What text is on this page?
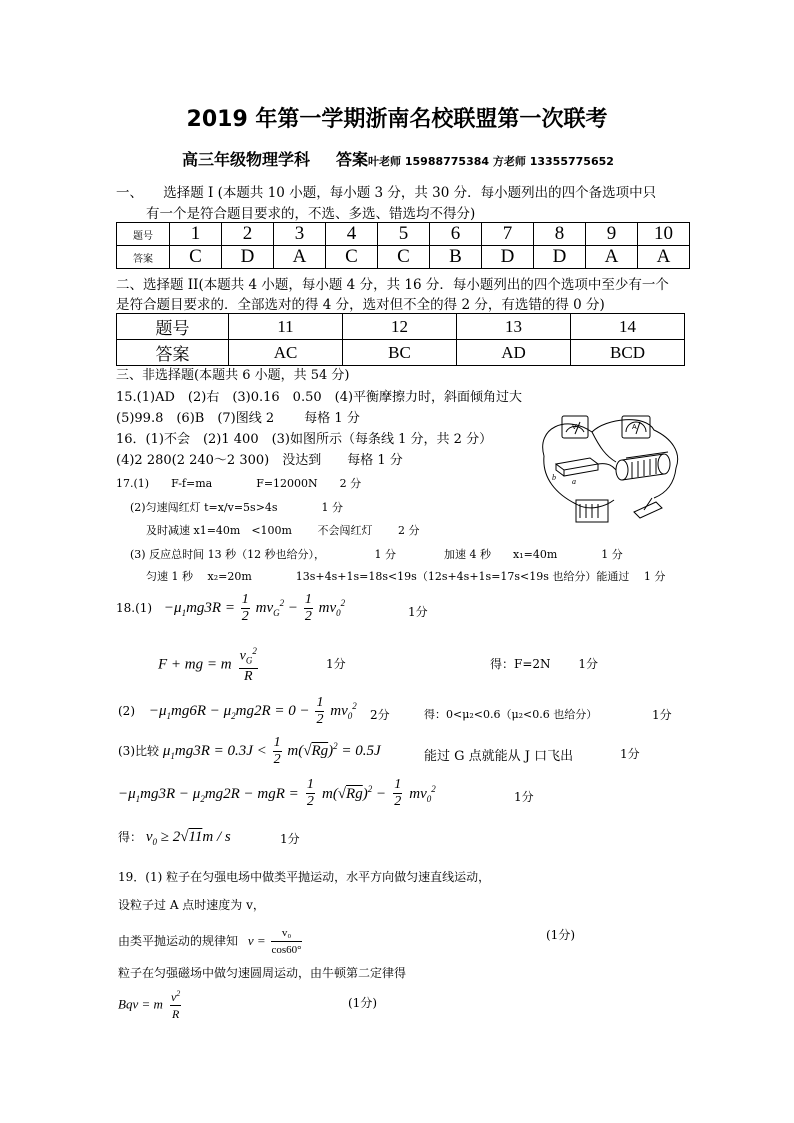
2019 年第一学期浙南名校联盟第一次联考
高三年级物理学科 答案叶老师 15988775384 方老师 13355775652
一、　　选择题 I (本题共 10 小题，每小题 3 分，共 30 分．每小题列出的四个备选项中只
有一个是符合题目要求的，不选、多选、错选均不得分)
题号	1	2	3	4	5	6	7	8	9	10
答案	C	D	A	C	C	B	D	D	A	A
二、选择题 II(本题共 4 小题，每小题 4 分，共 16 分．每小题列出的四个选项中至少有一个
是符合题目要求的．全部选对的得 4 分，选对但不全的得 2 分，有选错的得 0 分)
题号	11	12	13	14
答案	AC	BC	AD	BCD
三、非选择题(本题共 6 小题，共 54 分)
15.(1)AD　(2)右　(3)0.16　0.50　(4)平衡摩擦力时，斜面倾角过大
(5)99.8　(6)B　(7)图线 2　　 每格 1 分
16．(1)不会　(2)1 400　(3)如图所示（每条线 1 分，共 2 分）
(4)2 280(2 240～2 300)　没达到　　每格 1 分
V	A
b a
17.(1)　　F-f=ma　　　　F=12000N　　2 分
(2)匀速闯红灯 t=x/v=5s>4s　　　　1 分
及时减速 x1=40m　<100m　　 不会闯红灯　　 2 分
(3) 反应总时间 13 秒（12 秒也给分），　　　　　1 分	加速 4 秒　　x₁=40m　　　　1 分
匀速 1 秒　 x₂=20m　　　　13s+4s+1s=18s<19s（12s+4s+1s=17s<19s 也给分）能通过　 1 分
$18.(1) -\mu_1mg3R = \frac{1}{2} mv_G^2 - \frac{1}{2} mv_0^2$
1分
F + mg = m $\frac{v_G^2}{R}$	1分	得：F=2N　　 1分
$(2) -\mu_1mg6R - \mu_2mg2R = 0 - \frac{1}{2} mv_0^2$
2分	得：0<μ₂<0.6（μ₂<0.6 也给分）	1分
(3)比较 $\mu_1mg3R = 0.3J < \frac{1}{2} m(√Rg)^2 = 0.5J$	能过 G 点就能从 J 口飞出	1分
$-\mu_1mg3R - \mu_2mg2R$ − mgR = $\frac{1}{2} m(√Rg)^2 - \frac{1}{2} mv_0^2$
1分
得： $v_0 \ge 2√11m / s$	1分
19．(1) 粒子在匀强电场中做类平抛运动，水平方向做匀速直线运动，
设粒子过 A 点时速度为 v，
由类平抛运动的规律知 $v = \frac{\text{v₀}}{\cos 60^\circ}$	(1分)
粒子在匀强磁场中做匀速圆周运动，由牛顿第二定律得
Bqv = m $\frac{v^2}{R}$	(1分)
